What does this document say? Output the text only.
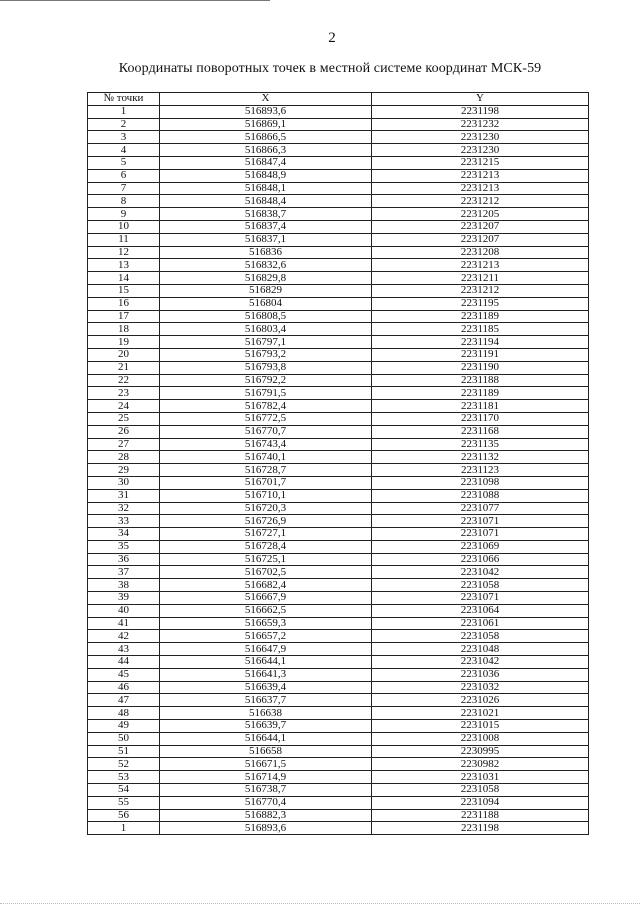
2
Координаты поворотных точек в местной системе координат МСК-59
№ точки	X	Y
1	516893,6	2231198
2	516869,1	2231232
3	516866,5	2231230
4	516866,3	2231230
5	516847,4	2231215
6	516848,9	2231213
7	516848,1	2231213
8	516848,4	2231212
9	516838,7	2231205
10	516837,4	2231207
11	516837,1	2231207
12	516836	2231208
13	516832,6	2231213
14	516829,8	2231211
15	516829	2231212
16	516804	2231195
17	516808,5	2231189
18	516803,4	2231185
19	516797,1	2231194
20	516793,2	2231191
21	516793,8	2231190
22	516792,2	2231188
23	516791,5	2231189
24	516782,4	2231181
25	516772,5	2231170
26	516770,7	2231168
27	516743,4	2231135
28	516740,1	2231132
29	516728,7	2231123
30	516701,7	2231098
31	516710,1	2231088
32	516720,3	2231077
33	516726,9	2231071
34	516727,1	2231071
35	516728,4	2231069
36	516725,1	2231066
37	516702,5	2231042
38	516682,4	2231058
39	516667,9	2231071
40	516662,5	2231064
41	516659,3	2231061
42	516657,2	2231058
43	516647,9	2231048
44	516644,1	2231042
45	516641,3	2231036
46	516639,4	2231032
47	516637,7	2231026
48	516638	2231021
49	516639,7	2231015
50	516644,1	2231008
51	516658	2230995
52	516671,5	2230982
53	516714,9	2231031
54	516738,7	2231058
55	516770,4	2231094
56	516882,3	2231188
1	516893,6	2231198
